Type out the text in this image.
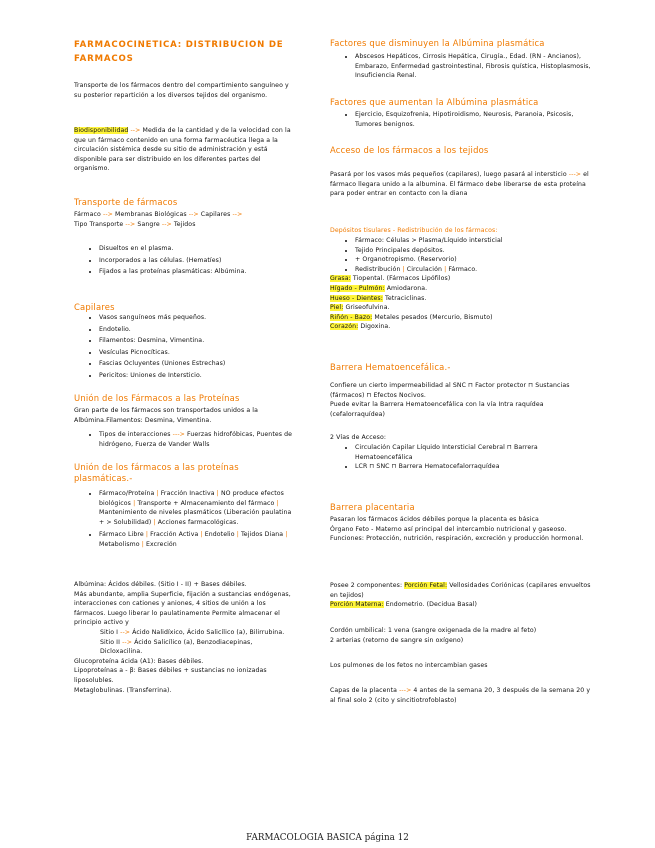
FARMACOCINETICA: DISTRIBUCION DE FARMACOS
Transporte de los fármacos dentro del compartimiento sanguíneo y su posterior repartición a los diversos tejidos del organismo.
Biodisponibilidad --> Medida de la cantidad y de la velocidad con la que un fármaco contenido en una forma farmacéutica llega a la circulación sistémica desde su sitio de administración y está disponible para ser distribuido en los diferentes partes del organismo.
Transporte de fármacos

Fármaco --> Membranas Biológicas --> Capilares -->

Tipo Transporte --> Sangre --> Tejidos

• Disueltos en el plasma.
• Incorporados a las células. (Hematíes)
• Fijados a las proteínas plasmáticas: Albúmina.
Capilares
• Vasos sanguíneos más pequeños.
• Endotelio.
• Filamentos: Desmina, Vimentina.
• Vesículas Picnocíticas.
• Fascias Ocluyentes (Uniones Estrechas)
• Pericitos: Uniones de Intersticio.
Unión de los Fármacos a las Proteínas
Gran parte de los fármacos son transportados unidos a la Albúmina.Filamentos: Desmina, Vimentina.
• Tipos de interacciones ---> Fuerzas hidrofóbicas, Puentes de hidrógeno, Fuerza de Vander Walls
Unión de los fármacos a las proteínas plasmáticas.-
• Fármaco/Proteína | Fracción Inactiva | NO produce efectos biológicos | Transporte + Almacenamiento del fármaco | Mantenimiento de niveles plasmáticos (Liberación paulatina + > Solubilidad) | Acciones farmacológicas.
• Fármaco Libre | Fracción Activa | Endotelio | Tejidos Diana | Metabolismo | Excreción

Albúmina: Ácidos débiles. (Sitio I - II) + Bases débiles.

Más abundante, amplia Superficie, fijación a sustancias endógenas, interacciones con cationes y aniones, 4 sitios de unión a los fármacos. Luego liberar lo paulatinamente Permite almacenar el principio activo y

Sitio I --> Ácido Nalidíxico, Ácido Salicílico (a), Bilirrubina.

Sitio II --> Ácido Salicílico (a), Benzodiacepinas, Dicloxacilina.

Glucoproteína ácida (A1): Bases débiles.

Lipoproteínas a - β: Bases débiles + sustancias no ionizadas liposolubles.

Metaglobulinas. (Transferrina).

Factores que disminuyen la Albúmina plasmática
• Abscesos Hepáticos, Cirrosis Hepática, Cirugía., Edad. (RN - Ancianos), Embarazo, Enfermedad gastrointestinal, Fibrosis quística, Histoplasmosis, Insuficiencia Renal.
Factores que aumentan la Albúmina plasmática
• Ejercicio, Esquizofrenia, Hipotiroidismo, Neurosis, Paranoia, Psicosis, Tumores benignos.
Acceso de los fármacos a los tejidos
Pasará por los vasos más pequeños (capilares), luego pasará al intersticio ---> el fármaco llegara unido a la albumina. El fármaco debe liberarse de esta proteína para poder entrar en contacto con la diana
Depósitos tisulares - Redistribución de los fármacos:
• Fármaco: Células > Plasma/Líquido intersticial
• Tejido Principales depósitos.
• + Organotropismo. (Reservorio)
• Redistribución | Circulación | Fármaco.

Grasa: Tiopental. (Fármacos Lipófilos)

Hígado - Pulmón: Amiodarona.

Hueso - Dientes: Tetraciclinas.

Piel: Griseofulvina.

Riñón - Bazo: Metales pesados (Mercurio, Bismuto)

Corazón: Digoxina.

Barrera Hematoencefálica.-

Confiere un cierto impermeabilidad al SNC ⊓ Factor protector ⊓ Sustancias (fármacos) ⊓ Efectos Nocivos.

Puede evitar la Barrera Hematoencefálica con la vía Intra raquídea (cefalorraquídea)

2 Vías de Acceso:

• Circulación Capilar Líquido Intersticial Cerebral ⊓ Barrera Hematoencefálica
• LCR ⊓ SNC ⊓ Barrera Hematocefalorraquídea
Barrera placentaria

Pasaran los fármacos ácidos débiles porque la placenta es básica

Órgano Feto - Materno así principal del intercambio nutricional y gaseoso.

Funciones: Protección, nutrición, respiración, excreción y producción hormonal.

Posee 2 componentes: Porción Fetal: Vellosidades Coriónicas (capilares envueltos en tejidos)

Porción Materna: Endometrio. (Decidua Basal)

Cordón umbilical: 1 vena (sangre oxigenada de la madre al feto)

2 arterias (retorno de sangre sin oxígeno)

Los pulmones de los fetos no intercambian gases
Capas de la placenta ---> 4 antes de la semana 20, 3 después de la semana 20 y al final solo 2 (cito y sincitiotrofoblasto)
FARMACOLOGIA BASICA página 12
